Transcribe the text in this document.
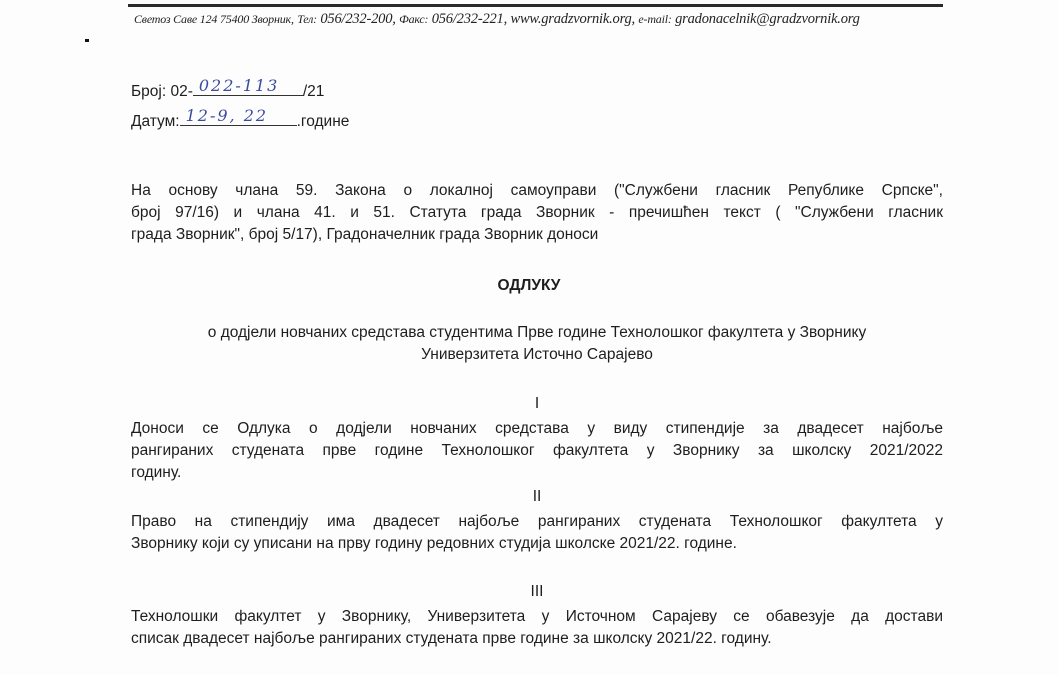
Светоз Саве 124 75400 Зворник, Тел: 056/232-200, Факс: 056/232-221, www.gradzvornik.org, e-mail: gradonacelnik@gradzvornik.org
Број: 02- 022-113 /21
Датум: 12-9, 22 .године
На основу члана 59. Закона о локалној самоуправи ("Службени гласник Републике Српске",
број 97/16) и члана 41. и 51. Статута града Зворник - пречишћен текст ( "Службени гласник
града Зворник", број 5/17), Градоначелник града Зворник доноси
ОДЛУКУ
о додјели новчаних средстава студентима Прве године Технолошког факултета у Зворнику
Универзитета Источно Сарајево
I
Доноси се Одлука о додјели новчаних средстава у виду стипендије за двадесет најбоље
рангираних студената прве године Технолошког факултета у Зворнику за школску 2021/2022
годину.
II
Право на стипендију има двадесет најбоље рангираних студената Технолошког факултета у
Зворнику који су уписани на прву годину редовних студија школске 2021/22. године.
III
Технолошки факултет у Зворнику, Универзитета у Источном Сарајеву се обавезује да достави
списак двадесет најбоље рангираних студената прве године за школску 2021/22. годину.
